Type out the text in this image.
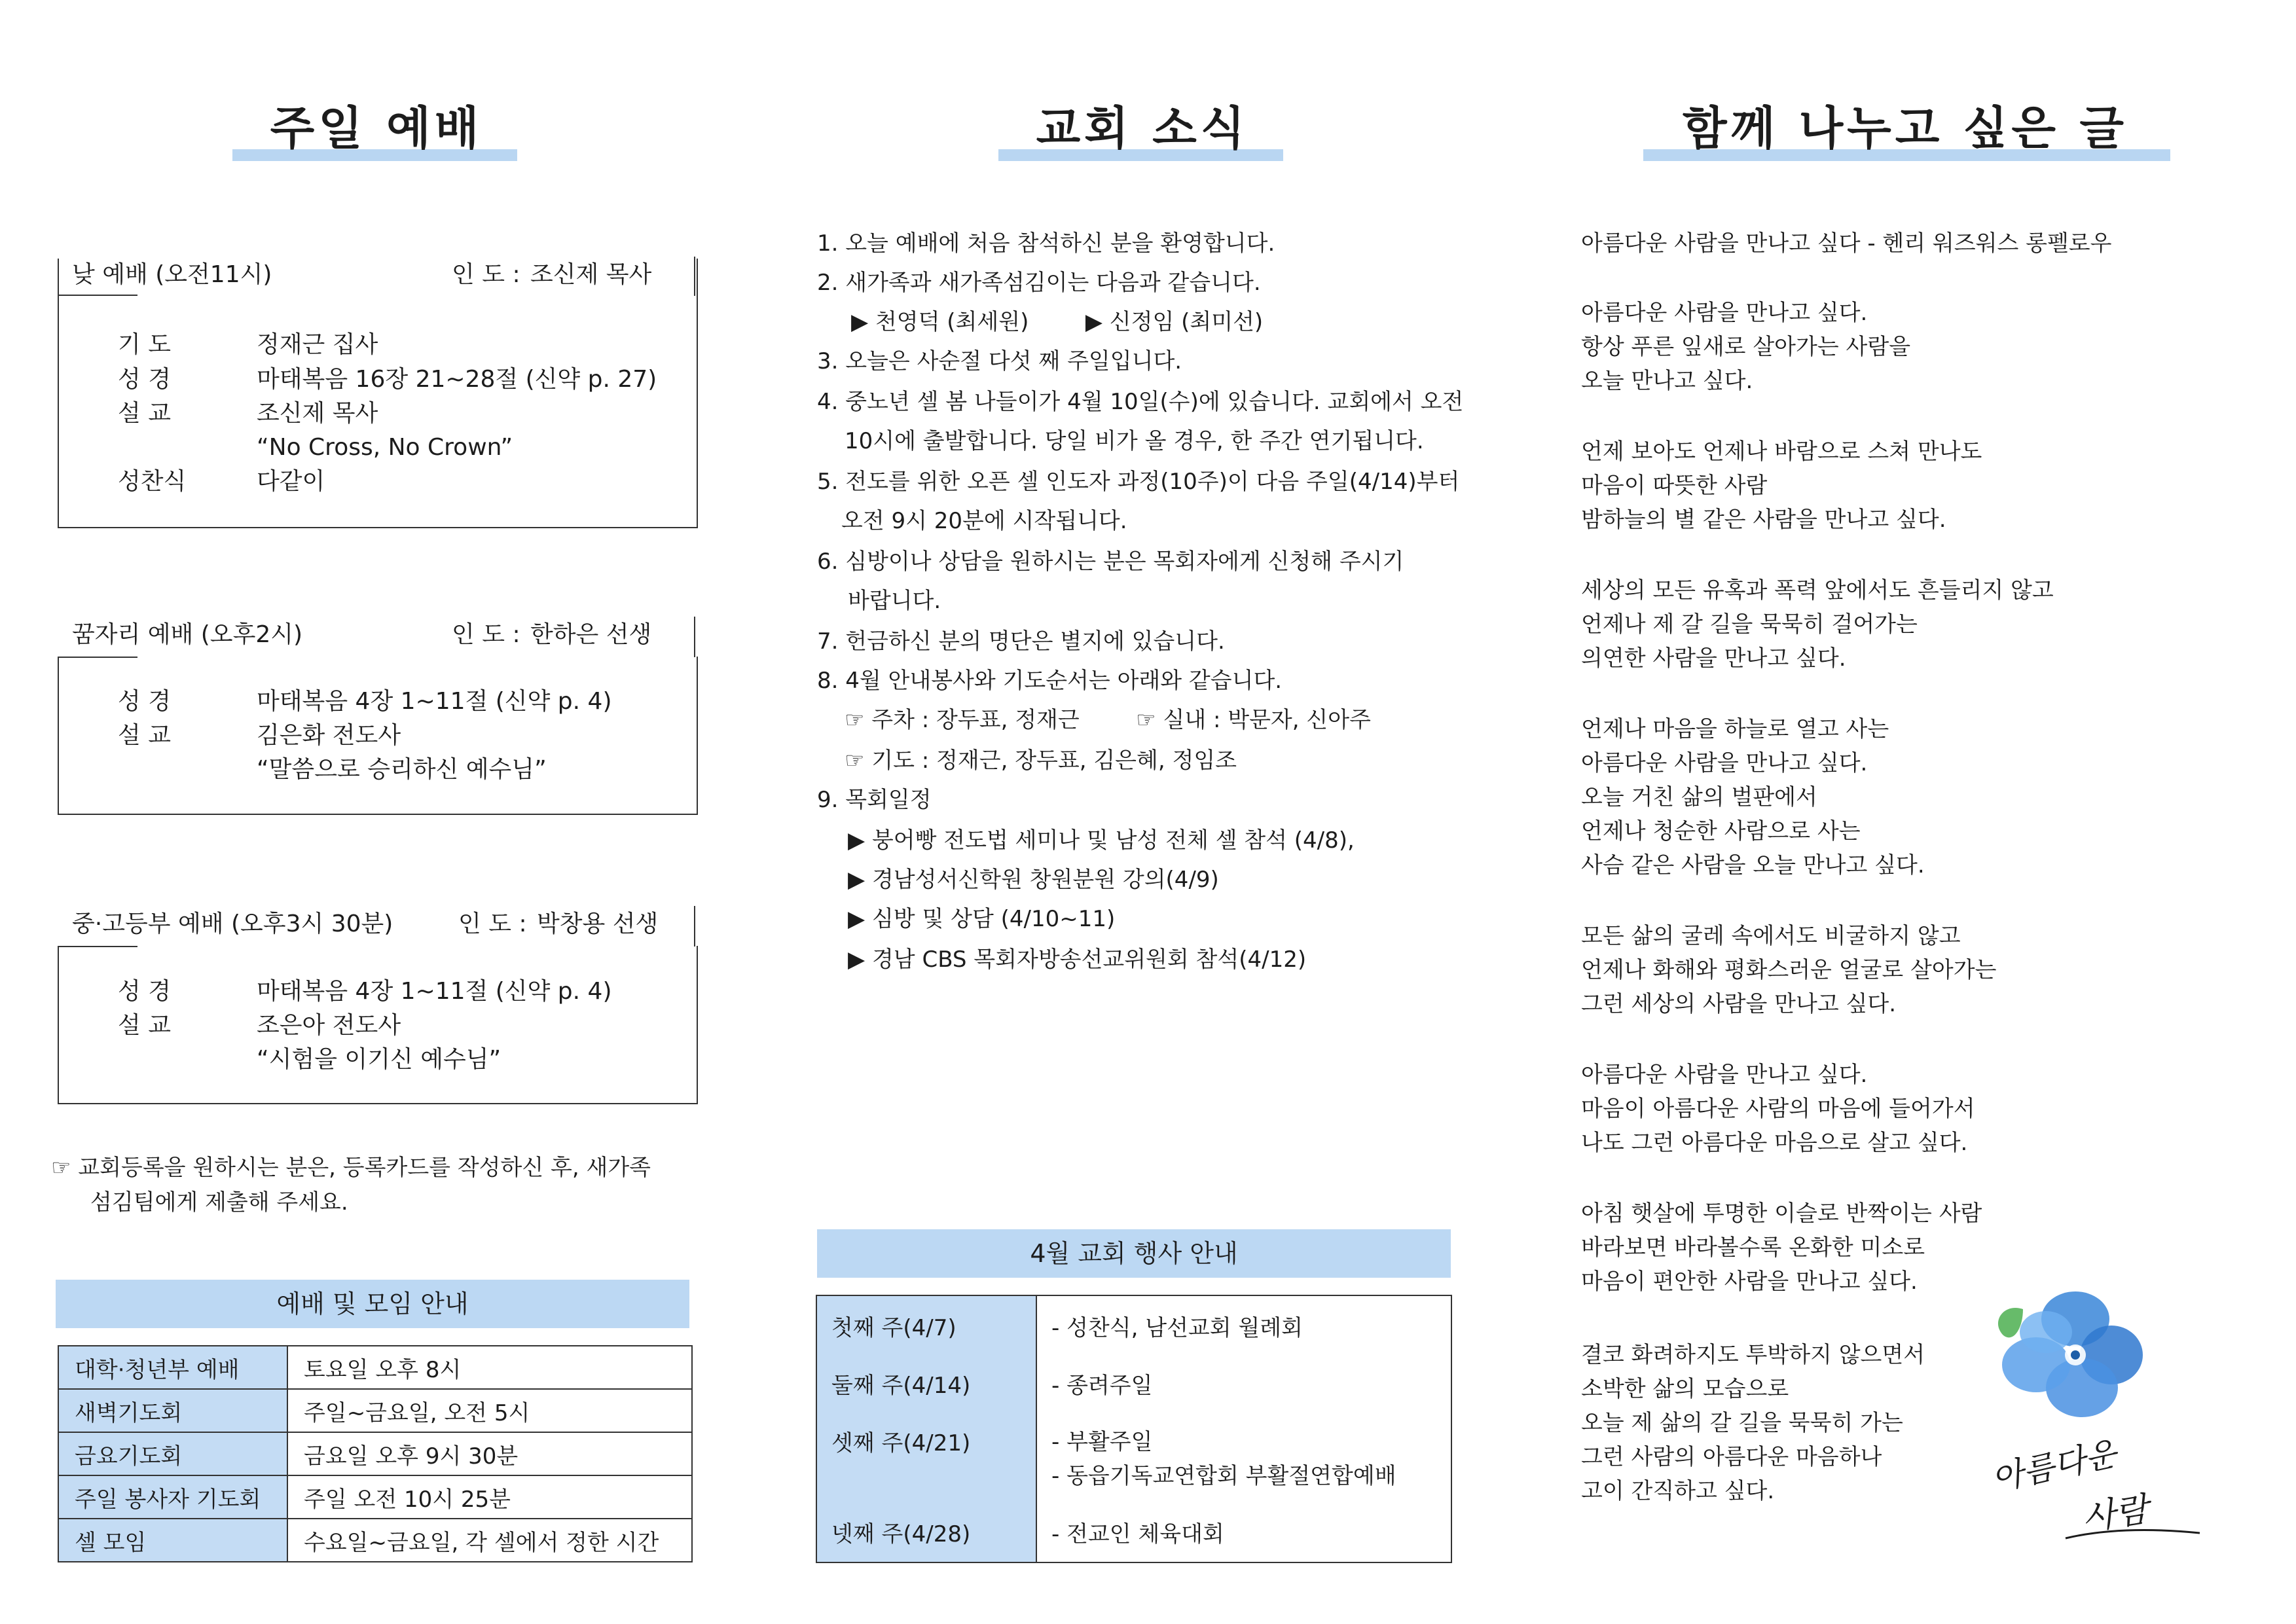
주일 예배
낮 예배 (오전11시)	인 도 : 조신제 목사
기 도	정재근 집사
성 경	마태복음 16장 21~28절 (신약 p. 27)
설 교	조신제 목사
“No Cross, No Crown”
성찬식	다같이
꿈자리 예배 (오후2시)	인 도 : 한하은 선생
성 경	마태복음 4장 1~11절 (신약 p. 4)
설 교	김은화 전도사
“말씀으로 승리하신 예수님”
중·고등부 예배 (오후3시 30분)	인 도 : 박창용 선생
성 경	마태복음 4장 1~11절 (신약 p. 4)
설 교	조은아 전도사
“시험을 이기신 예수님”
☞ 교회등록을 원하시는 분은, 등록카드를 작성하신 후, 새가족
섬김팀에게 제출해 주세요.
예배 및 모임 안내
대학·청년부 예배	토요일 오후 8시
새벽기도회	주일~금요일, 오전 5시
금요기도회	금요일 오후 9시 30분
주일 봉사자 기도회	주일 오전 10시 25분
셀 모임	수요일~금요일, 각 셀에서 정한 시간
교회 소식
1. 오늘 예배에 처음 참석하신 분을 환영합니다.
2. 새가족과 새가족섬김이는 다음과 같습니다.
▶ 천영덕 (최세원)        ▶ 신정임 (최미선)
3. 오늘은 사순절 다섯 째 주일입니다.
4. 중노년 셀 봄 나들이가 4월 10일(수)에 있습니다. 교회에서 오전
10시에 출발합니다. 당일 비가 올 경우, 한 주간 연기됩니다.
5. 전도를 위한 오픈 셀 인도자 과정(10주)이 다음 주일(4/14)부터
오전 9시 20분에 시작됩니다.
6. 심방이나 상담을 원하시는 분은 목회자에게 신청해 주시기
바랍니다.
7. 헌금하신 분의 명단은 별지에 있습니다.
8. 4월 안내봉사와 기도순서는 아래와 같습니다.
☞ 주차 : 장두표, 정재근        ☞ 실내 : 박문자, 신아주
☞ 기도 : 정재근, 장두표, 김은혜, 정임조
9. 목회일정
▶ 붕어빵 전도법 세미나 및 남성 전체 셀 참석 (4/8),
▶ 경남성서신학원 창원분원 강의(4/9)
▶ 심방 및 상담 (4/10~11)
▶ 경남 CBS 목회자방송선교위원회 참석(4/12)
4월 교회 행사 안내
첫째 주(4/7)	- 성찬식, 남선교회 월례회
둘째 주(4/14)	- 종려주일
셋째 주(4/21)	- 부활주일
- 동읍기독교연합회 부활절연합예배

넷째 주(4/28)	- 전교인 체육대회
함께 나누고 싶은 글
아름다운 사람을 만나고 싶다 - 헨리 워즈워스 롱펠로우
아름다운 사람을 만나고 싶다.
항상 푸른 잎새로 살아가는 사람을
오늘 만나고 싶다.
언제 보아도 언제나 바람으로 스쳐 만나도
마음이 따뜻한 사람
밤하늘의 별 같은 사람을 만나고 싶다.
세상의 모든 유혹과 폭력 앞에서도 흔들리지 않고
언제나 제 갈 길을 묵묵히 걸어가는
의연한 사람을 만나고 싶다.
언제나 마음을 하늘로 열고 사는
아름다운 사람을 만나고 싶다.
오늘 거친 삶의 벌판에서
언제나 청순한 사람으로 사는
사슴 같은 사람을 오늘 만나고 싶다.
모든 삶의 굴레 속에서도 비굴하지 않고
언제나 화해와 평화스러운 얼굴로 살아가는
그런 세상의 사람을 만나고 싶다.
아름다운 사람을 만나고 싶다.
마음이 아름다운 사람의 마음에 들어가서
나도 그런 아름다운 마음으로 살고 싶다.
아침 햇살에 투명한 이슬로 반짝이는 사람
바라보면 바라볼수록 온화한 미소로
마음이 편안한 사람을 만나고 싶다.
결코 화려하지도 투박하지 않으면서
소박한 삶의 모습으로
오늘 제 삶의 갈 길을 묵묵히 가는
그런 사람의 아름다운 마음하나
고이 간직하고 싶다.	아름다운
사람
